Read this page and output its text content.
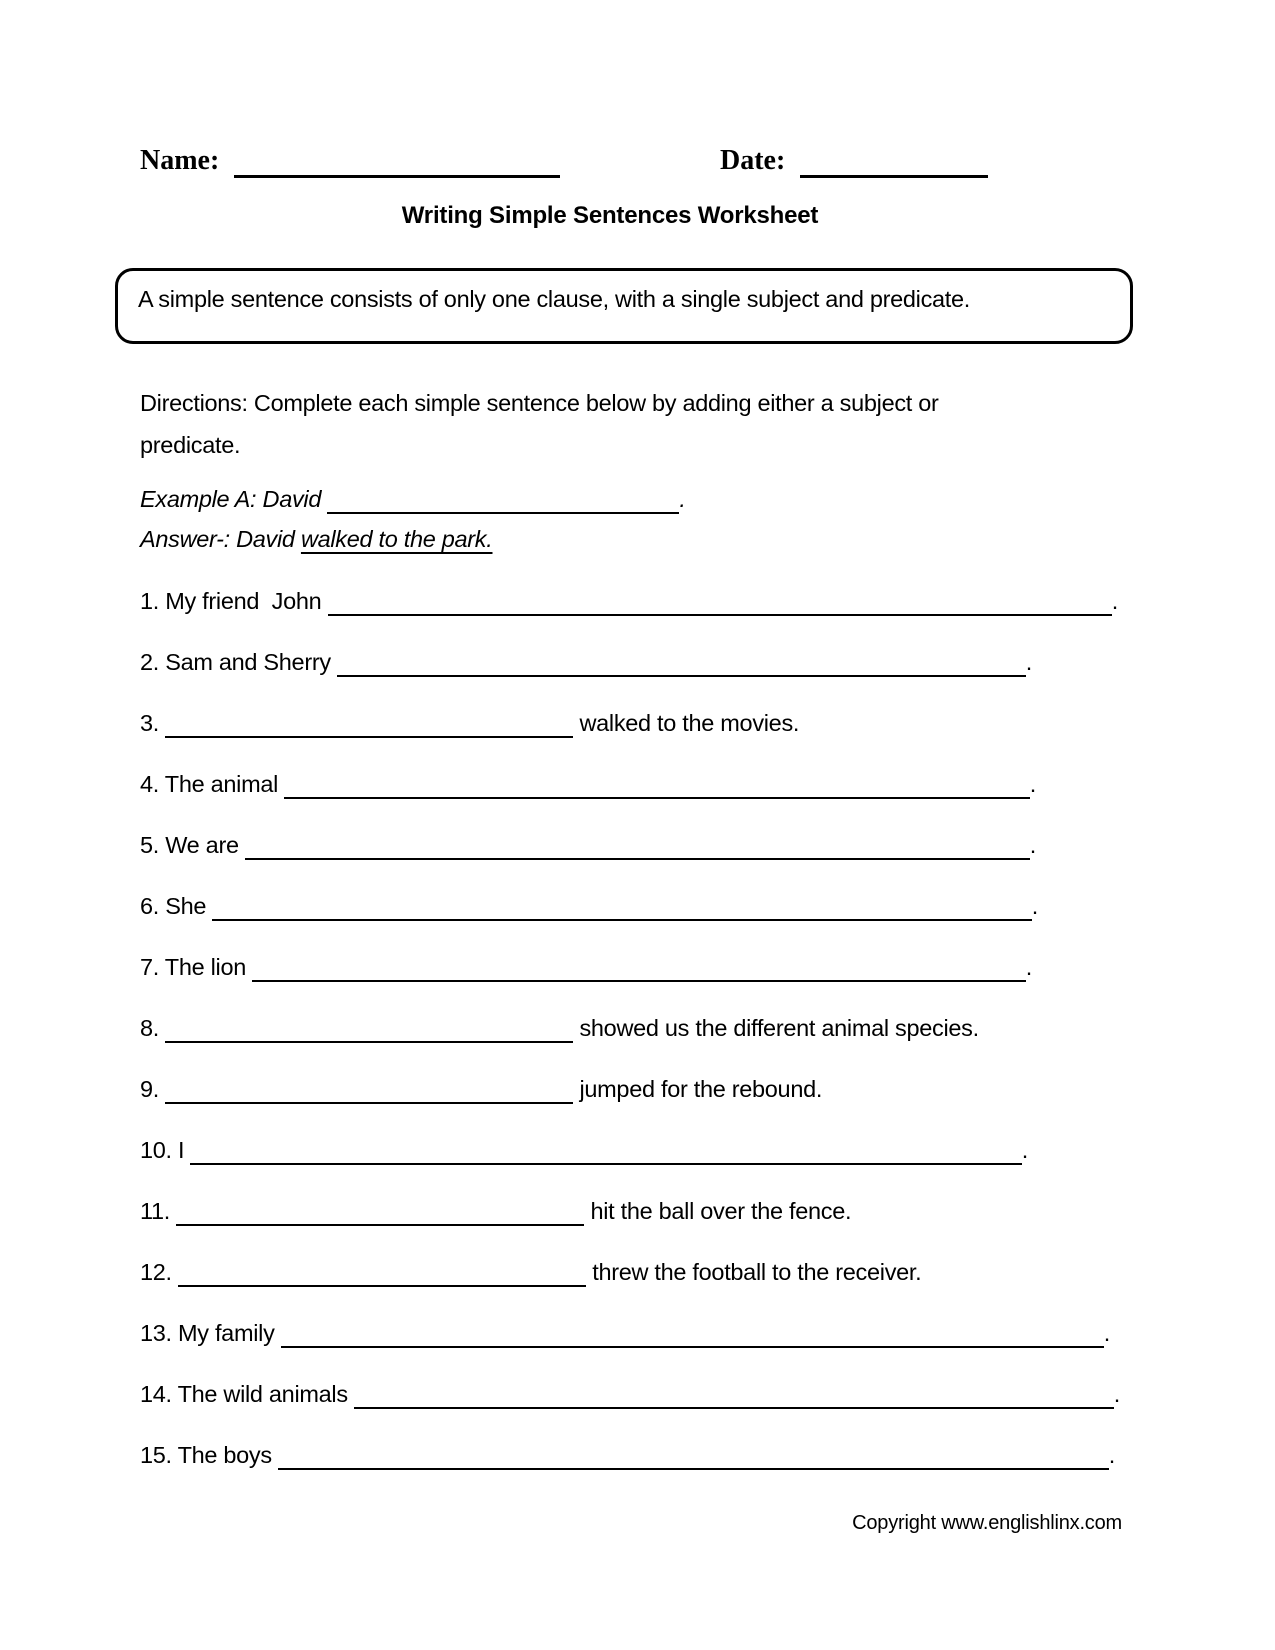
Name:	Date:
Writing Simple Sentences Worksheet

A simple sentence consists of only one clause, with a single subject and predicate.

Directions: Complete each simple sentence below by adding either a subject or
predicate.
Example A: David	.
Answer-: David walked to the park.
1. My friend  John	.
2. Sam and Sherry	.
3.	walked to the movies.
4. The animal	.
5. We are	.
6. She	.
7. The lion	.
8.	showed us the different animal species.
9.	jumped for the rebound.
10. I	.
11.	hit the ball over the fence.
12.	threw the football to the receiver.
13. My family	.
14. The wild animals	.
15. The boys	.
Copyright www.englishlinx.com
